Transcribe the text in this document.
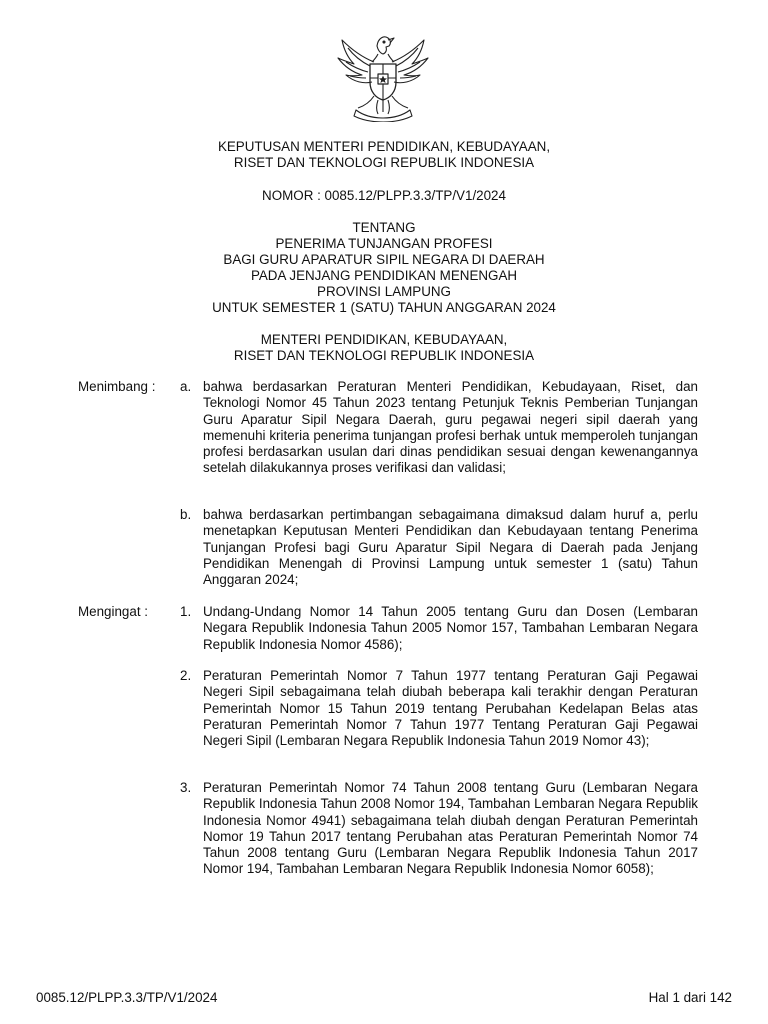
KEPUTUSAN MENTERI PENDIDIKAN, KEBUDAYAAN,
RISET DAN TEKNOLOGI REPUBLIK INDONESIA
NOMOR : 0085.12/PLPP.3.3/TP/V1/2024
TENTANG
PENERIMA TUNJANGAN PROFESI
BAGI GURU APARATUR SIPIL NEGARA DI DAERAH
PADA JENJANG PENDIDIKAN MENENGAH
PROVINSI LAMPUNG
UNTUK SEMESTER 1 (SATU) TAHUN ANGGARAN 2024
MENTERI PENDIDIKAN, KEBUDAYAAN,
RISET DAN TEKNOLOGI REPUBLIK INDONESIA
Menimbang : a. bahwa berdasarkan Peraturan Menteri Pendidikan, Kebudayaan, Riset, dan Teknologi Nomor 45 Tahun 2023 tentang Petunjuk Teknis Pemberian Tunjangan Guru Aparatur Sipil Negara Daerah, guru pegawai negeri sipil daerah yang memenuhi kriteria penerima tunjangan profesi berhak untuk memperoleh tunjangan profesi berdasarkan usulan dari dinas pendidikan sesuai dengan kewenangannya setelah dilakukannya proses verifikasi dan validasi;
b. bahwa berdasarkan pertimbangan sebagaimana dimaksud dalam huruf a, perlu menetapkan Keputusan Menteri Pendidikan dan Kebudayaan tentang Penerima Tunjangan Profesi bagi Guru Aparatur Sipil Negara di Daerah pada Jenjang Pendidikan Menengah di Provinsi Lampung untuk semester 1 (satu) Tahun Anggaran 2024;
Mengingat : 1. Undang-Undang Nomor 14 Tahun 2005 tentang Guru dan Dosen (Lembaran Negara Republik Indonesia Tahun 2005 Nomor 157, Tambahan Lembaran Negara Republik Indonesia Nomor 4586);
2. Peraturan Pemerintah Nomor 7 Tahun 1977 tentang Peraturan Gaji Pegawai Negeri Sipil sebagaimana telah diubah beberapa kali terakhir dengan Peraturan Pemerintah Nomor 15 Tahun 2019 tentang Perubahan Kedelapan Belas atas Peraturan Pemerintah Nomor 7 Tahun 1977 Tentang Peraturan Gaji Pegawai Negeri Sipil (Lembaran Negara Republik Indonesia Tahun 2019 Nomor 43);
3. Peraturan Pemerintah Nomor 74 Tahun 2008 tentang Guru (Lembaran Negara Republik Indonesia Tahun 2008 Nomor 194, Tambahan Lembaran Negara Republik Indonesia Nomor 4941) sebagaimana telah diubah dengan Peraturan Pemerintah Nomor 19 Tahun 2017 tentang Perubahan atas Peraturan Pemerintah Nomor 74 Tahun 2008 tentang Guru (Lembaran Negara Republik Indonesia Tahun 2017 Nomor 194, Tambahan Lembaran Negara Republik Indonesia Nomor 6058);
0085.12/PLPP.3.3/TP/V1/2024	Hal 1 dari 142
